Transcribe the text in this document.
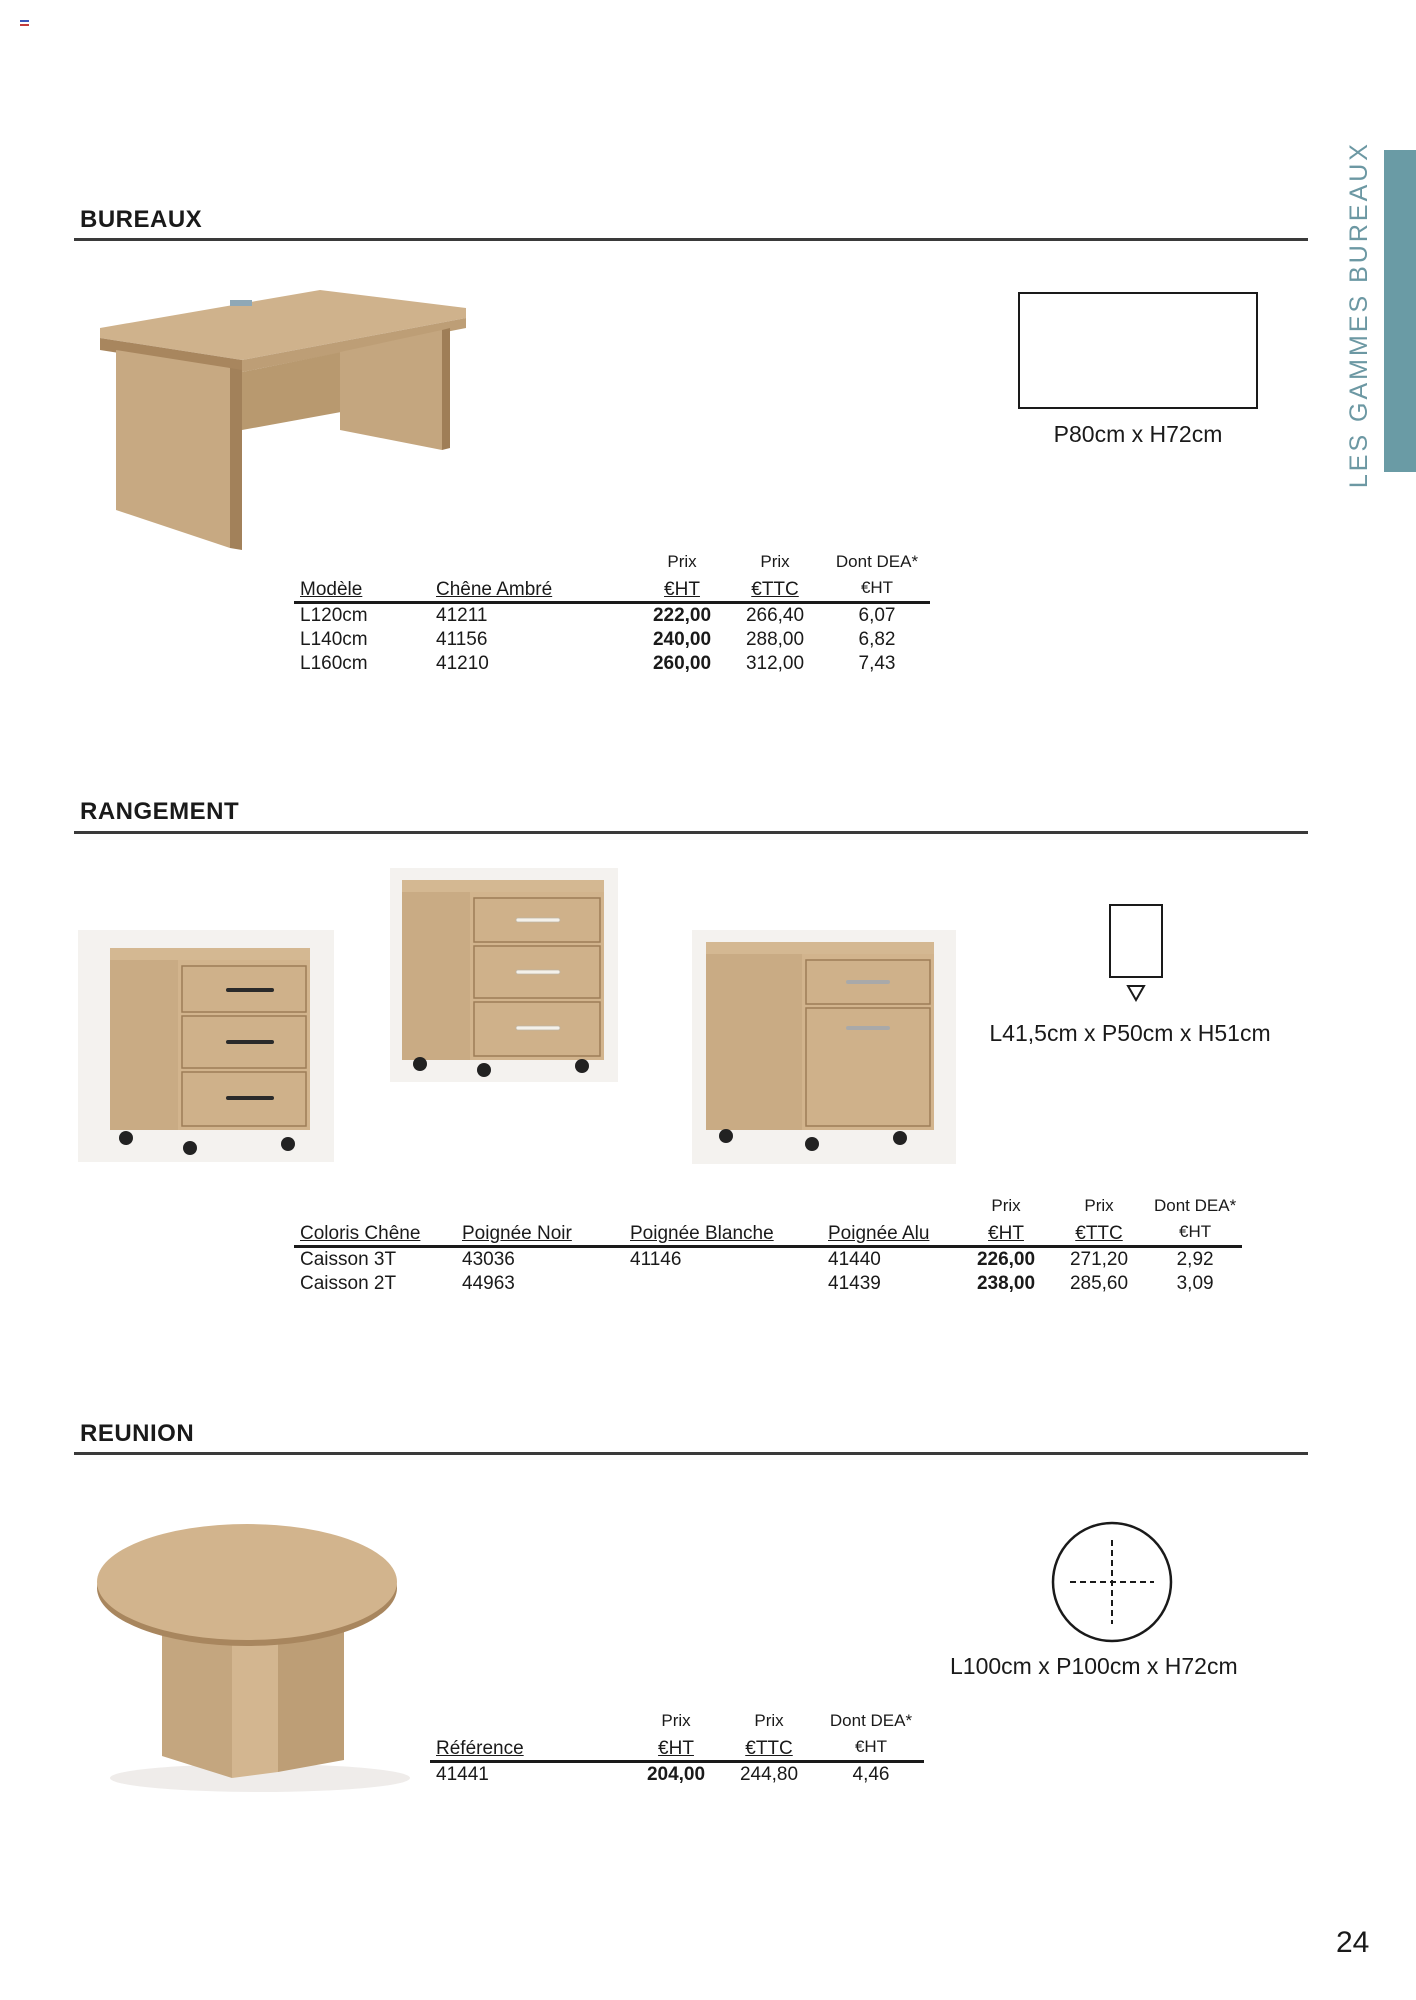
LES GAMMES BUREAUX
BUREAUX
P80cm x H72cm
		Prix	Prix	Dont DEA*
Modèle	Chêne Ambré	€HT	€TTC	€HT
L120cm	41211	222,00	266,40	6,07
L140cm	41156	240,00	288,00	6,82
L160cm	41210	260,00	312,00	7,43
RANGEMENT
L41,5cm x P50cm x H51cm
				Prix	Prix	Dont DEA*
Coloris Chêne	Poignée Noir	Poignée Blanche	Poignée Alu	€HT	€TTC	€HT
Caisson 3T	43036	41146	41440	226,00	271,20	2,92
Caisson 2T	44963		41439	238,00	285,60	3,09
REUNION
L100cm x P100cm x H72cm
	Prix	Prix	Dont DEA*
Référence	€HT	€TTC	€HT
41441	204,00	244,80	4,46
24
